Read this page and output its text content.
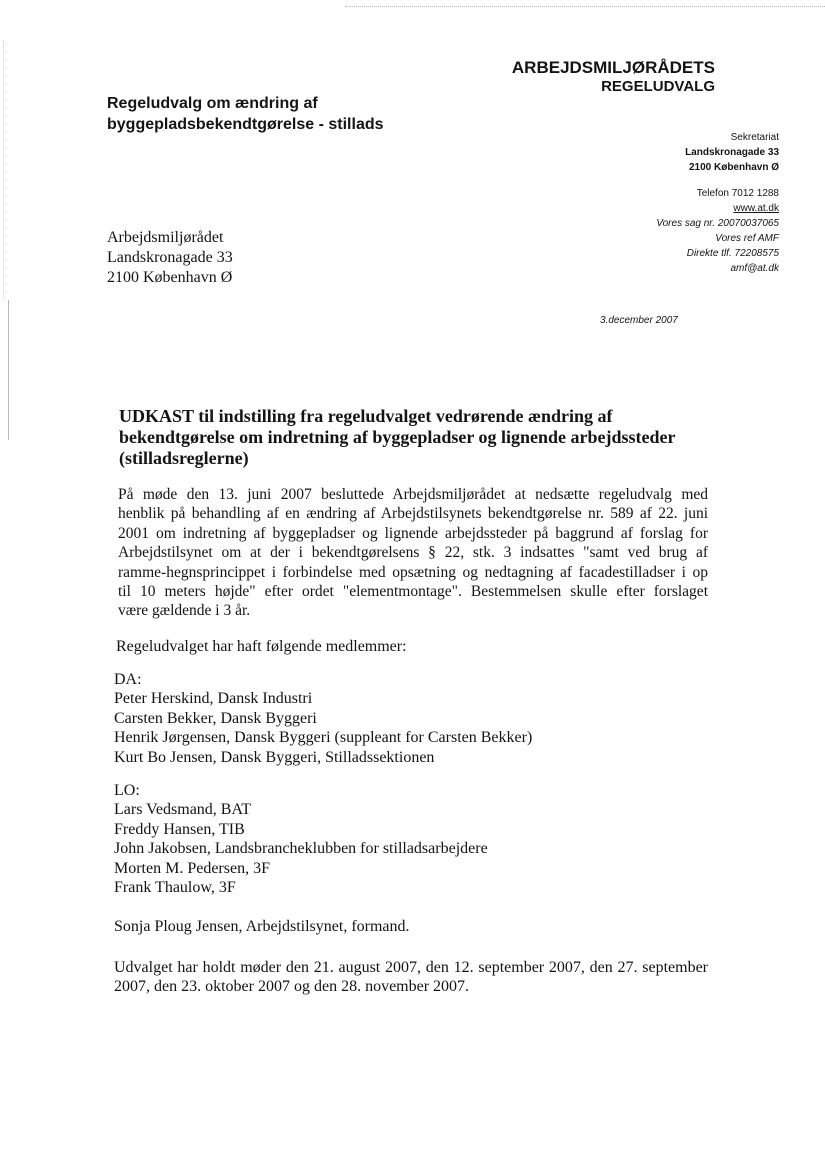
ARBEJDSMILJØRÅDETS
REGELUDVALG
Regeludvalg om ændring af
byggepladsbekendtgørelse - stillads
Sekretariat
Landskronagade 33
2100 København Ø
Telefon 7012 1288
www.at.dk
Vores sag nr. 20070037065
Vores ref AMF
Direkte tlf. 72208575
amf@at.dk
Arbejdsmiljørådet
Landskronagade 33
2100 København Ø
3.december 2007
UDKAST til indstilling fra regeludvalget vedrørende ændring af
bekendtgørelse om indretning af byggepladser og lignende arbejdssteder
(stilladsreglerne)
På møde den 13. juni 2007 besluttede Arbejdsmiljørådet at nedsætte regeludvalg med
henblik på behandling af en ændring af Arbejdstilsynets bekendtgørelse nr. 589 af 22. juni
2001 om indretning af byggepladser og lignende arbejdssteder på baggrund af forslag for
Arbejdstilsynet om at der i bekendtgørelsens § 22, stk. 3 indsattes "samt ved brug af
ramme-hegnsprincippet i forbindelse med opsætning og nedtagning af facadestilladser i op
til 10 meters højde" efter ordet "elementmontage". Bestemmelsen skulle efter forslaget
være gældende i 3 år.
Regeludvalget har haft følgende medlemmer:
DA:
Peter Herskind, Dansk Industri
Carsten Bekker, Dansk Byggeri
Henrik Jørgensen, Dansk Byggeri (suppleant for Carsten Bekker)
Kurt Bo Jensen, Dansk Byggeri, Stilladssektionen
LO:
Lars Vedsmand, BAT
Freddy Hansen, TIB
John Jakobsen, Landsbrancheklubben for stilladsarbejdere
Morten M. Pedersen, 3F
Frank Thaulow, 3F
Sonja Ploug Jensen, Arbejdstilsynet, formand.
Udvalget har holdt møder den 21. august 2007, den 12. september 2007, den 27. september
2007, den 23. oktober 2007 og den 28. november 2007.
